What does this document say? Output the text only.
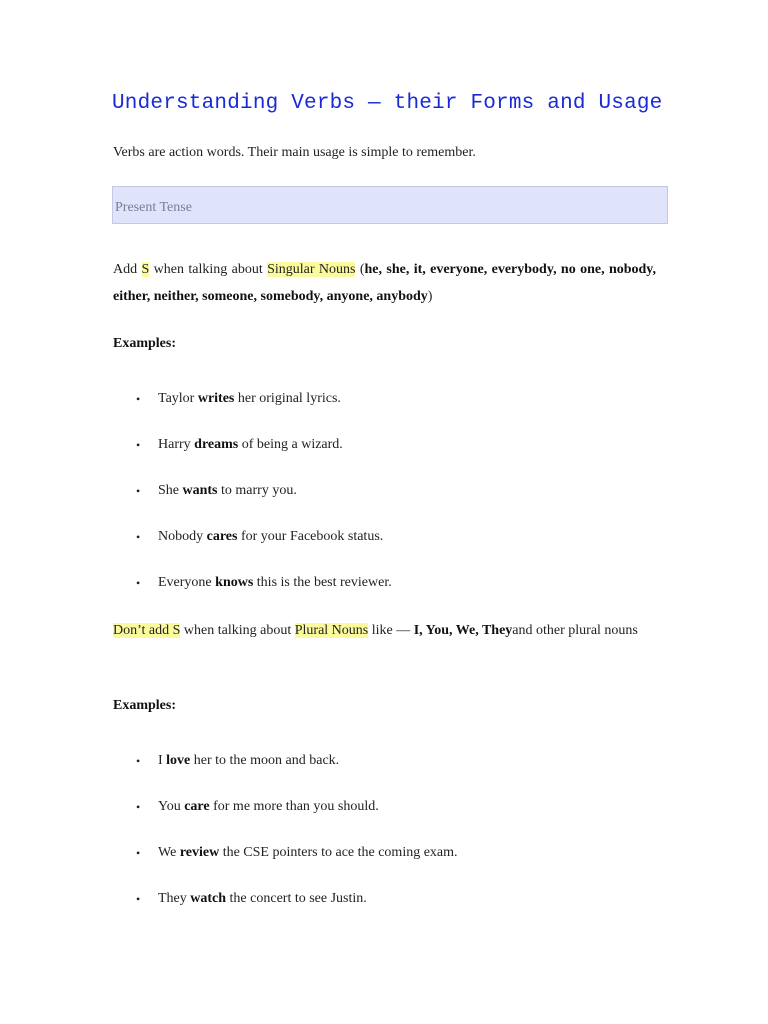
Understanding Verbs — their Forms and Usage

Verbs are action words. Their main usage is simple to remember.

Present Tense

Add S when talking about Singular Nouns (he, she, it, everyone, everybody, no one, nobody, either, neither, someone, somebody, anyone, anybody)

Examples:

• Taylor writes her original lyrics.
• Harry dreams of being a wizard.
• She wants to marry you.
• Nobody cares for your Facebook status.
• Everyone knows this is the best reviewer.

Don’t add S when talking about Plural Nouns like — I, You, We, Theyand other plural nouns

Examples:

• I love her to the moon and back.
• You care for me more than you should.
• We review the CSE pointers to ace the coming exam.
• They watch the concert to see Justin.
